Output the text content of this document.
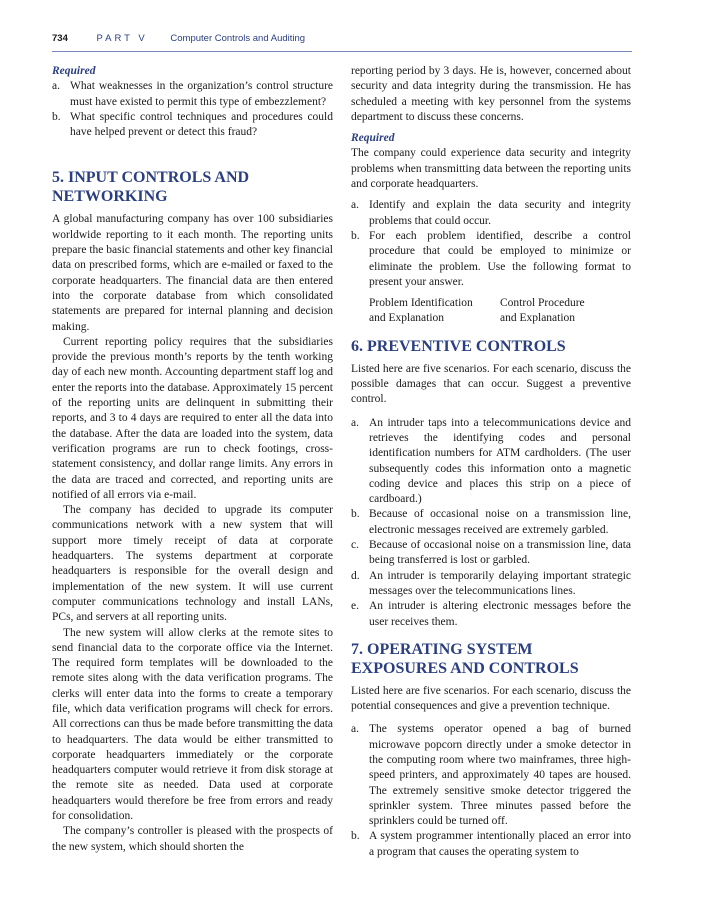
734	PART V Computer Controls and Auditing

Required

a. What weaknesses in the organization’s control structure must have existed to permit this type of embezzlement?

b. What specific control techniques and procedures could have helped prevent or detect this fraud?

5. INPUT CONTROLS AND NETWORKING

A global manufacturing company has over 100 subsidiaries worldwide reporting to it each month. The reporting units prepare the basic financial statements and other key financial data on prescribed forms, which are e-mailed or faxed to the corporate headquarters. The financial data are then entered into the corporate database from which consolidated statements are prepared for internal planning and decision making.

Current reporting policy requires that the subsidiaries provide the previous month’s reports by the tenth working day of each new month. Accounting department staff log and enter the reports into the database. Approximately 15 percent of the reporting units are delinquent in submitting their reports, and 3 to 4 days are required to enter all the data into the database. After the data are loaded into the system, data verification programs are run to check footings, cross-statement consistency, and dollar range limits. Any errors in the data are traced and corrected, and reporting units are notified of all errors via e-mail.

The company has decided to upgrade its computer communications network with a new system that will support more timely receipt of data at corporate headquarters. The systems department at corporate headquarters is responsible for the overall design and implementation of the new system. It will use current computer communications technology and install LANs, PCs, and servers at all reporting units.

The new system will allow clerks at the remote sites to send financial data to the corporate office via the Internet. The required form templates will be downloaded to the remote sites along with the data verification programs. The clerks will enter data into the forms to create a temporary file, which data verification programs will check for errors. All corrections can thus be made before transmitting the data to headquarters. The data would be either transmitted to corporate headquarters immediately or the corporate headquarters computer would retrieve it from disk storage at the remote site as needed. Data used at corporate headquarters would therefore be free from errors and ready for consolidation.

The company’s controller is pleased with the prospects of the new system, which should shorten the

reporting period by 3 days. He is, however, concerned about security and data integrity during the transmission. He has scheduled a meeting with key personnel from the systems department to discuss these concerns.

Required

The company could experience data security and integrity problems when transmitting data between the reporting units and corporate headquarters.

a. Identify and explain the data security and integrity problems that could occur.

b. For each problem identified, describe a control procedure that could be employed to minimize or eliminate the problem. Use the following format to present your answer.

Problem Identification
and Explanation
Control Procedure
and Explanation
6. PREVENTIVE CONTROLS

Listed here are five scenarios. For each scenario, discuss the possible damages that can occur. Suggest a preventive control.

a. An intruder taps into a telecommunications device and retrieves the identifying codes and personal identification numbers for ATM cardholders. (The user subsequently codes this information onto a magnetic coding device and places this strip on a piece of cardboard.)

b. Because of occasional noise on a transmission line, electronic messages received are extremely garbled.

c. Because of occasional noise on a transmission line, data being transferred is lost or garbled.

d. An intruder is temporarily delaying important strategic messages over the telecommunications lines.

e. An intruder is altering electronic messages before the user receives them.

7. OPERATING SYSTEM EXPOSURES AND CONTROLS

Listed here are five scenarios. For each scenario, discuss the potential consequences and give a prevention technique.

a. The systems operator opened a bag of burned microwave popcorn directly under a smoke detector in the computing room where two mainframes, three high-speed printers, and approximately 40 tapes are housed. The extremely sensitive smoke detector triggered the sprinkler system. Three minutes passed before the sprinklers could be turned off.

b. A system programmer intentionally placed an error into a program that causes the operating system to
